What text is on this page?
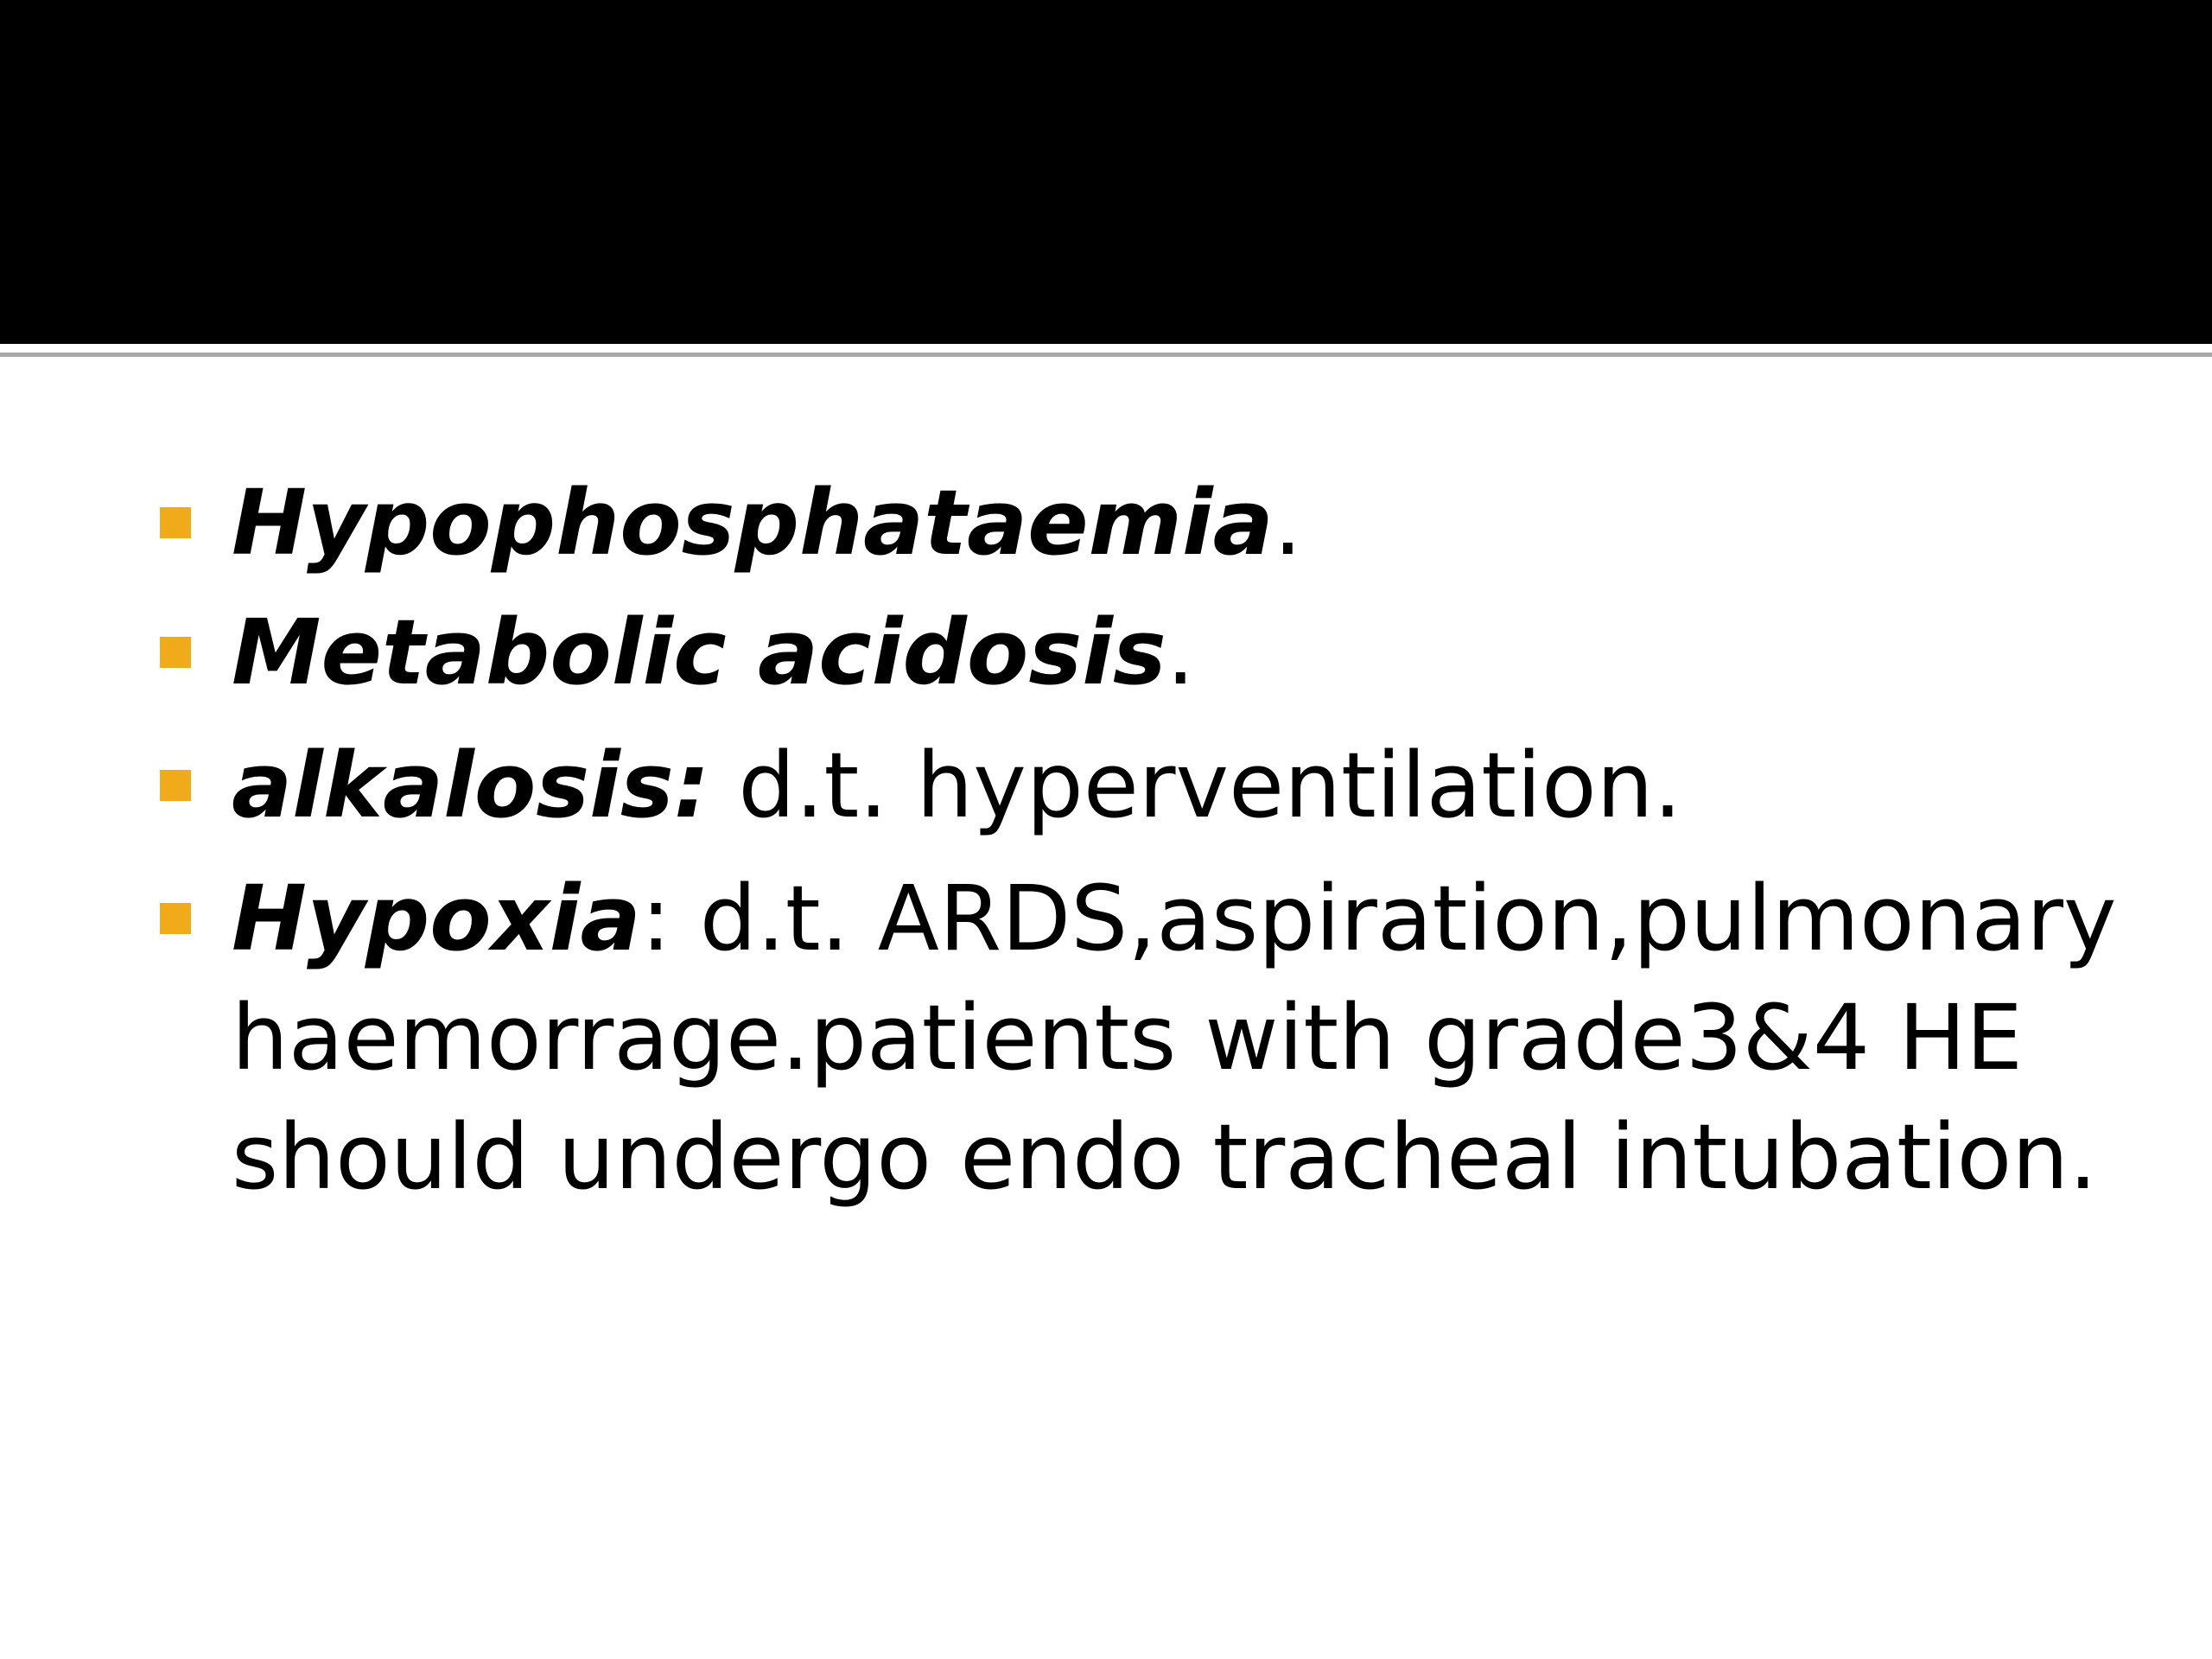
Hypophosphataemia.
Metabolic acidosis.
alkalosis: d.t. hyperventilation.
Hypoxia: d.t. ARDS,aspiration,pulmonary
haemorrage.patients with grade3&4 HE
should undergo endo tracheal intubation.
